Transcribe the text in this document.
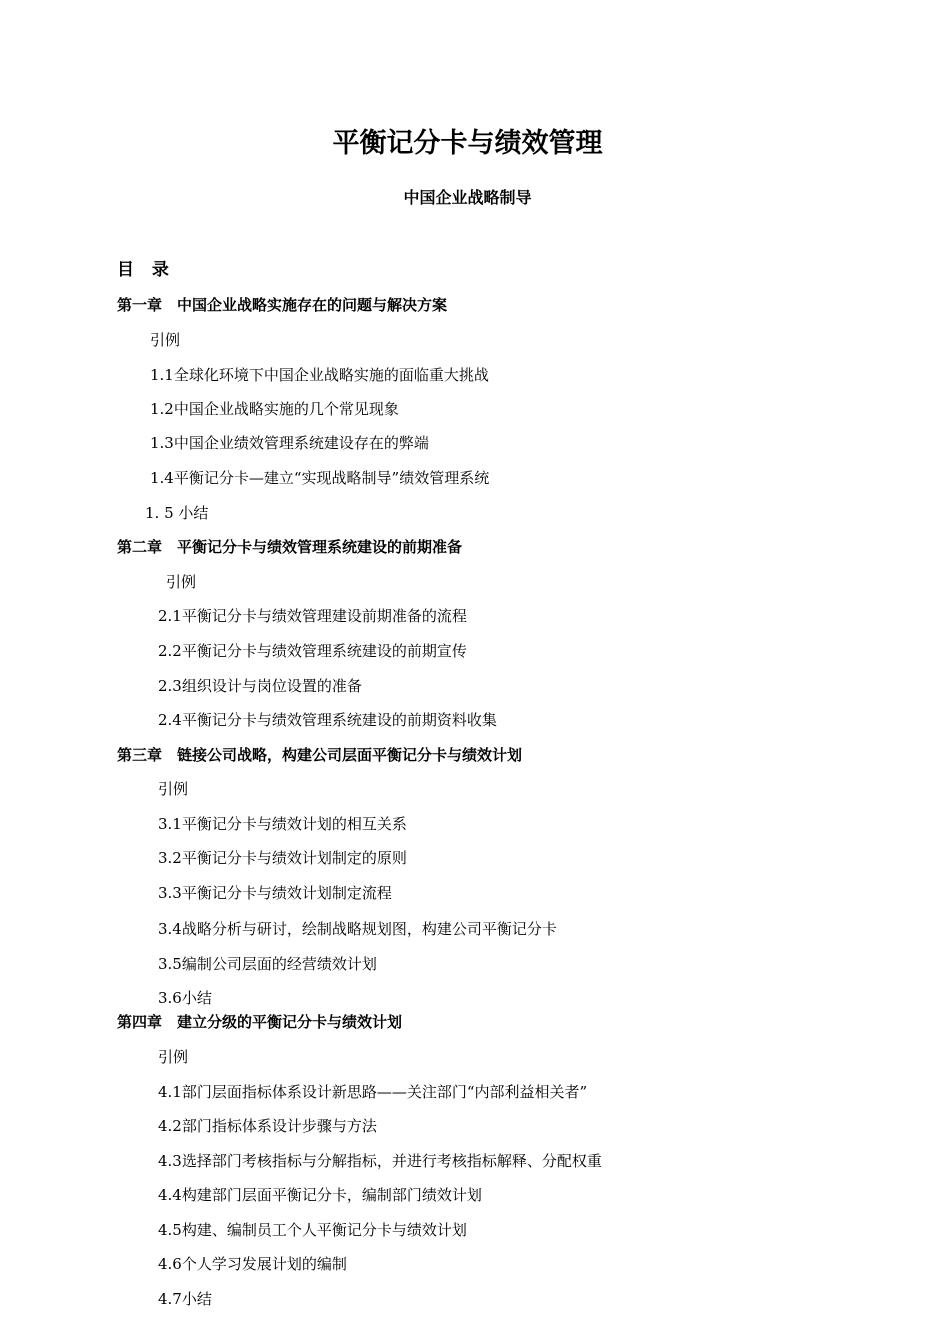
平衡记分卡与绩效管理
中国企业战略制导
目 录
第一章　中国企业战略实施存在的问题与解决方案
引例
1.1全球化环境下中国企业战略实施的面临重大挑战
1.2中国企业战略实施的几个常见现象
1.3中国企业绩效管理系统建设存在的弊端
1.4平衡记分卡—建立“实现战略制导”绩效管理系统
1. 5 小结
第二章　平衡记分卡与绩效管理系统建设的前期准备
引例
2.1平衡记分卡与绩效管理建设前期准备的流程
2.2平衡记分卡与绩效管理系统建设的前期宣传
2.3组织设计与岗位设置的准备
2.4平衡记分卡与绩效管理系统建设的前期资料收集
第三章　链接公司战略，构建公司层面平衡记分卡与绩效计划
引例
3.1平衡记分卡与绩效计划的相互关系
3.2平衡记分卡与绩效计划制定的原则
3.3平衡记分卡与绩效计划制定流程
3.4战略分析与研讨，绘制战略规划图，构建公司平衡记分卡
3.5编制公司层面的经营绩效计划
3.6小结
第四章　建立分级的平衡记分卡与绩效计划
引例
4.1部门层面指标体系设计新思路——关注部门“内部利益相关者”
4.2部门指标体系设计步骤与方法
4.3选择部门考核指标与分解指标，并进行考核指标解释、分配权重
4.4构建部门层面平衡记分卡，编制部门绩效计划
4.5构建、编制员工个人平衡记分卡与绩效计划
4.6个人学习发展计划的编制
4.7小结
